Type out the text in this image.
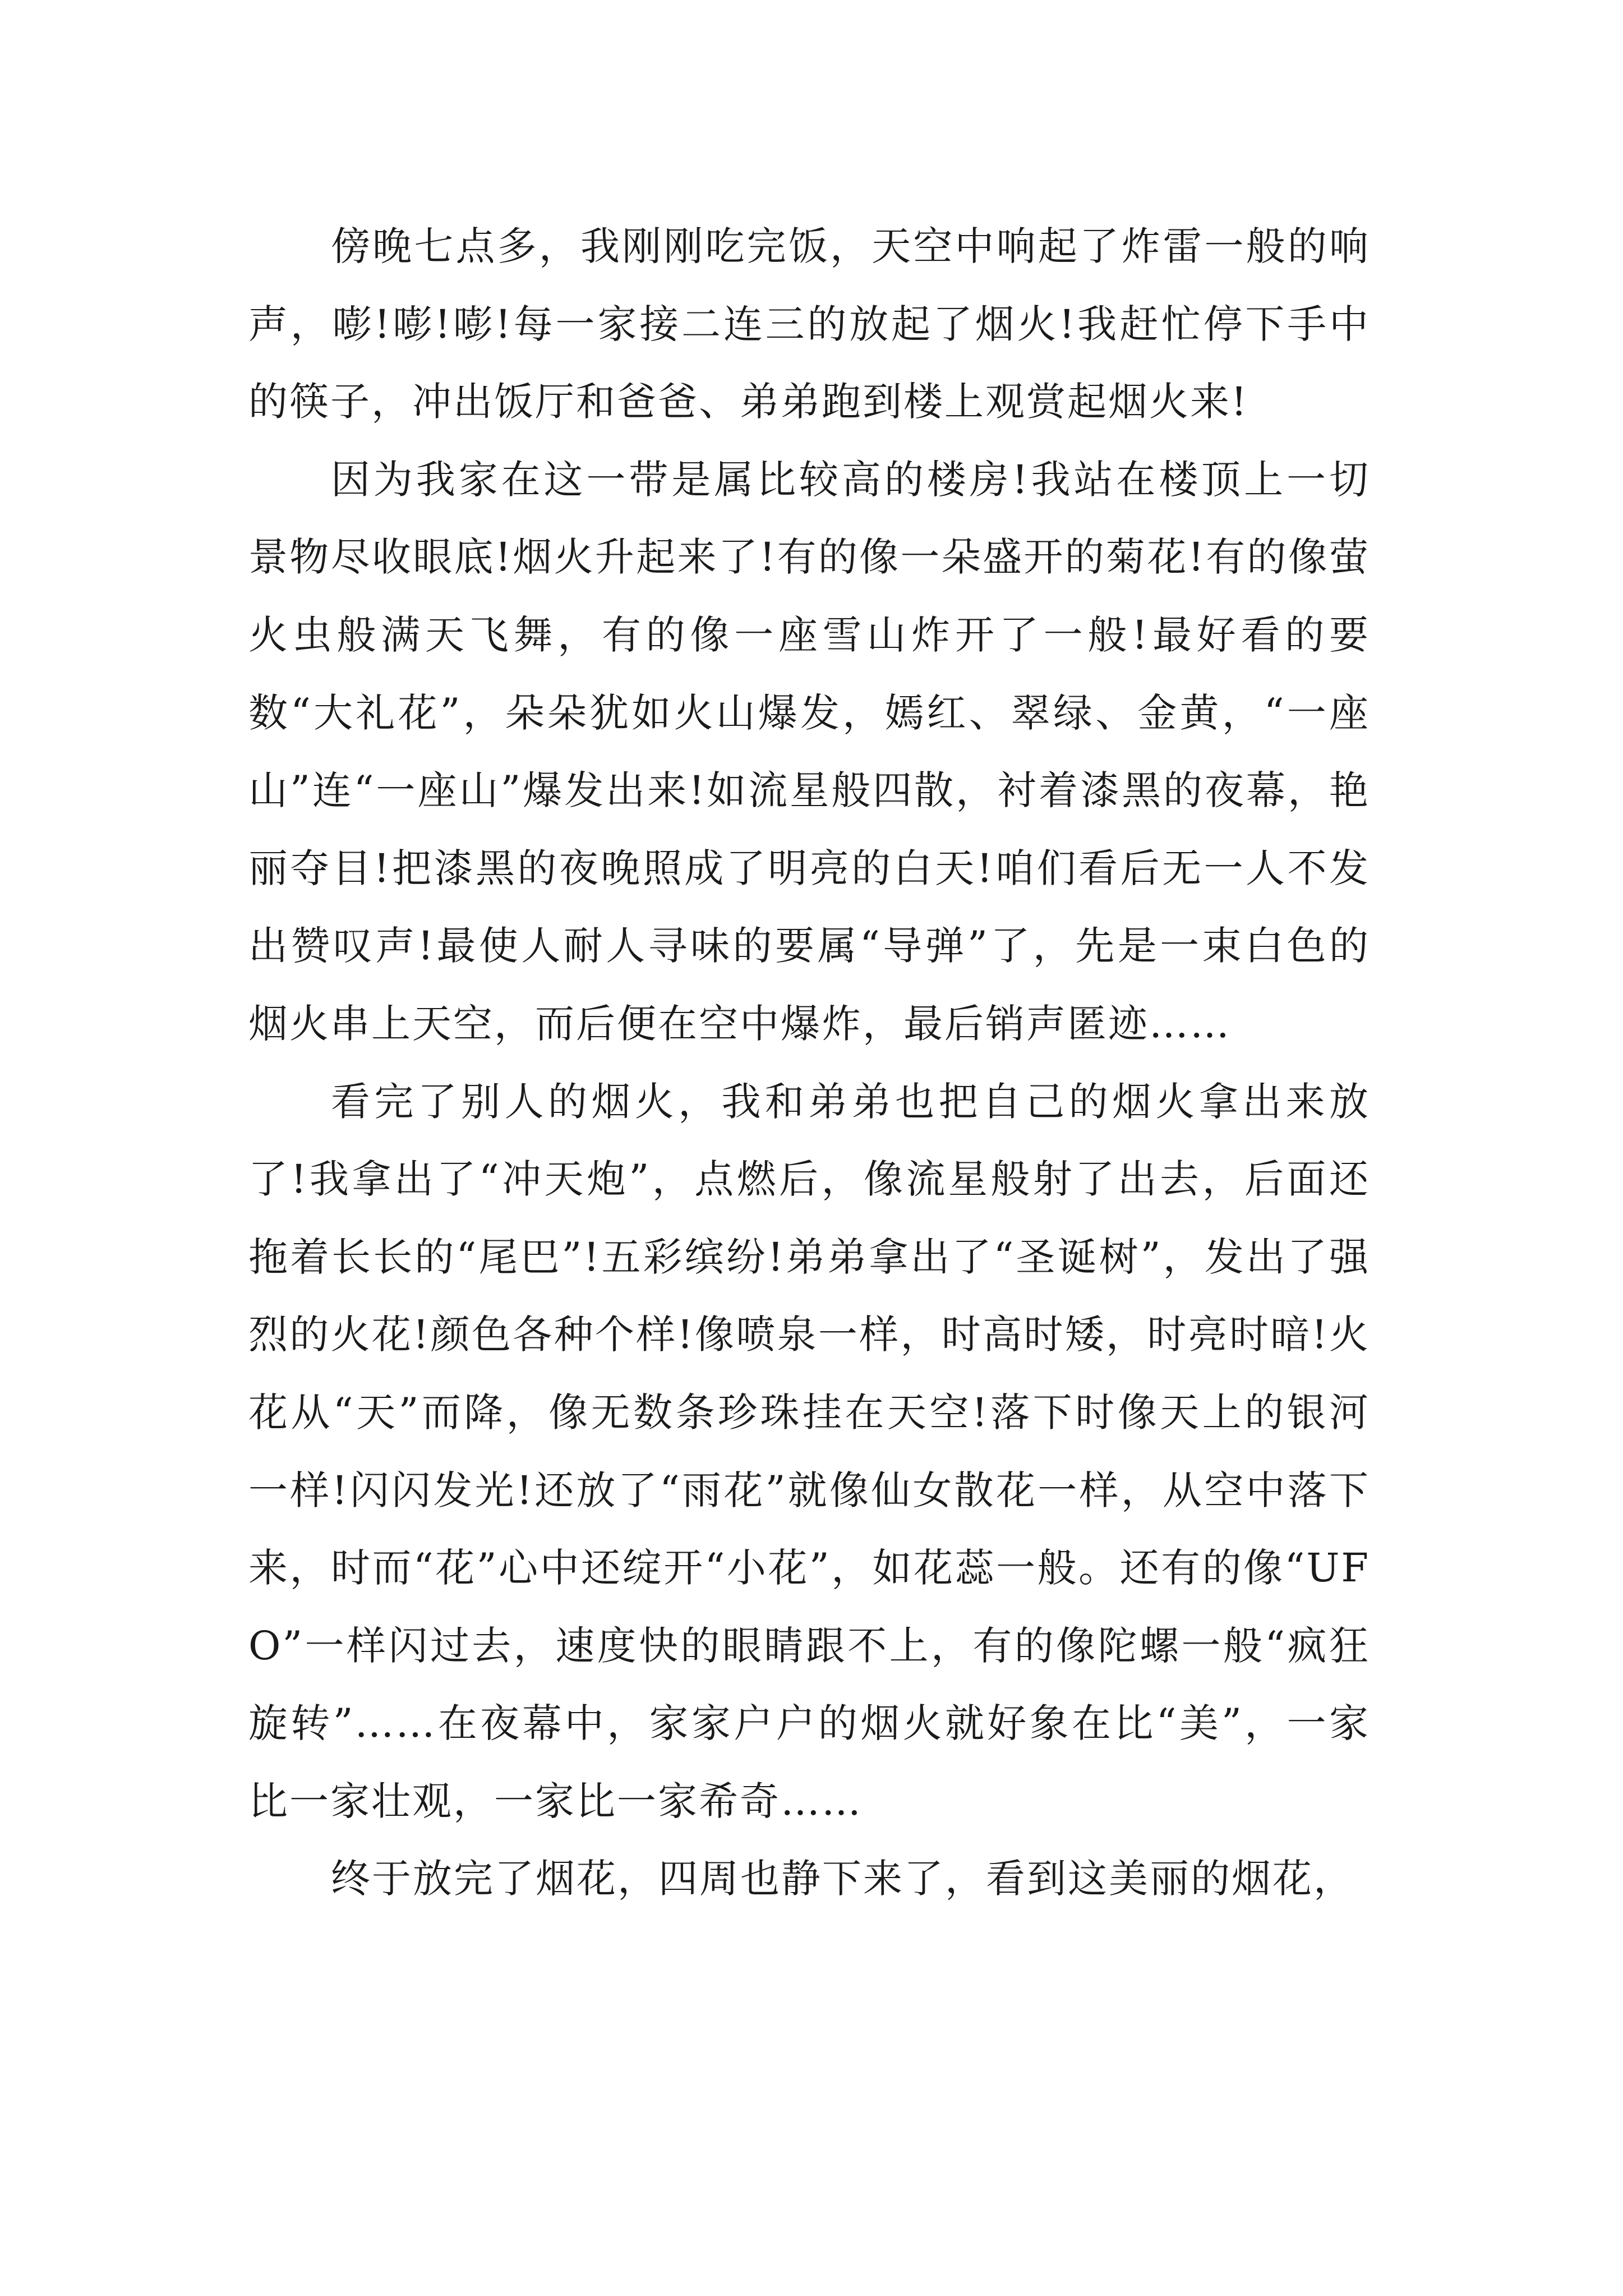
傍晚七点多，我刚刚吃完饭，天空中响起了炸雷一般的响声，嘭!嘭!嘭!每一家接二连三的放起了烟火!我赶忙停下手中的筷子，冲出饭厅和爸爸、弟弟跑到楼上观赏起烟火来!

因为我家在这一带是属比较高的楼房!我站在楼顶上一切景物尽收眼底!烟火升起来了!有的像一朵盛开的菊花!有的像萤火虫般满天飞舞，有的像一座雪山炸开了一般!最好看的要数“大礼花”，朵朵犹如火山爆发，嫣红、翠绿、金黄，“一座山”连“一座山”爆发出来!如流星般四散，衬着漆黑的夜幕，艳丽夺目!把漆黑的夜晚照成了明亮的白天!咱们看后无一人不发出赞叹声!最使人耐人寻味的要属“导弹”了，先是一束白色的烟火串上天空，而后便在空中爆炸，最后销声匿迹……

看完了别人的烟火，我和弟弟也把自己的烟火拿出来放了!我拿出了“冲天炮”，点燃后，像流星般射了出去，后面还拖着长长的“尾巴”!五彩缤纷!弟弟拿出了“圣诞树”，发出了强烈的火花!颜色各种个样!像喷泉一样，时高时矮，时亮时暗!火花从“天”而降，像无数条珍珠挂在天空!落下时像天上的银河一样!闪闪发光!还放了“雨花”就像仙女散花一样，从空中落下来，时而“花”心中还绽开“小花”，如花蕊一般。还有的像“UFO”一样闪过去，速度快的眼睛跟不上，有的像陀螺一般“疯狂旋转”……在夜幕中，家家户户的烟火就好象在比“美”，一家比一家壮观，一家比一家希奇……

终于放完了烟花，四周也静下来了，看到这美丽的烟花，
